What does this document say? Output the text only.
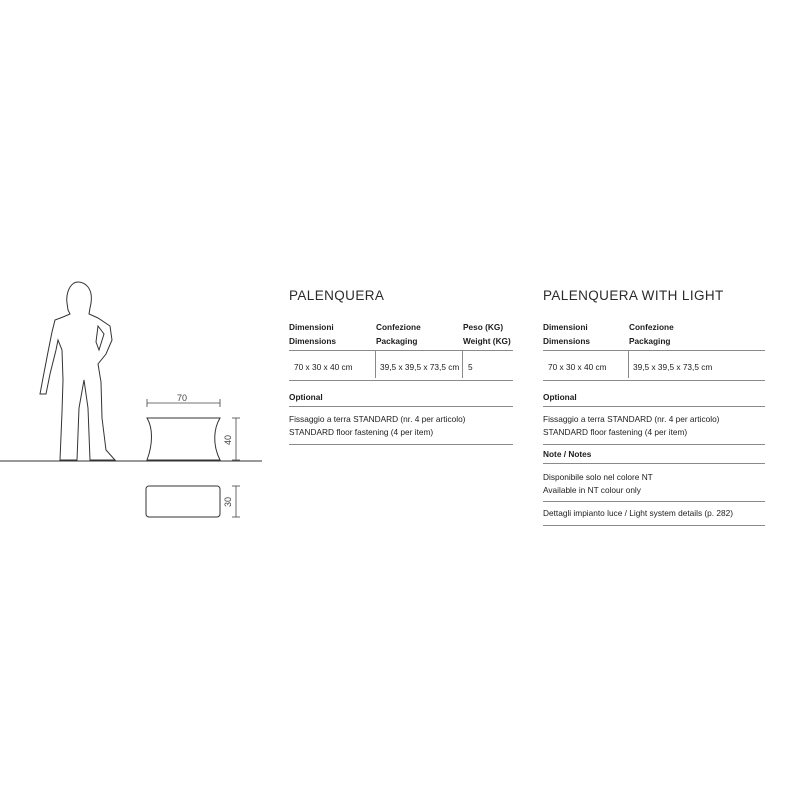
70
40
30
PALENQUERA
Dimensioni
Dimensions
Confezione
Packaging
Peso (KG)
Weight (KG)
70 x 30 x 40 cm	39,5 x 39,5 x 73,5 cm 5
Optional
Fissaggio a terra STANDARD (nr. 4 per articolo)
STANDARD floor fastening (4 per item)
PALENQUERA WITH LIGHT
Dimensioni
Dimensions
Confezione
Packaging
70 x 30 x 40 cm	39,5 x 39,5 x 73,5 cm
Optional
Fissaggio a terra STANDARD (nr. 4 per articolo)
STANDARD floor fastening (4 per item)
Note / Notes
Disponibile solo nel colore NT
Available in NT colour only
Dettagli impianto luce / Light system details (p. 282)
